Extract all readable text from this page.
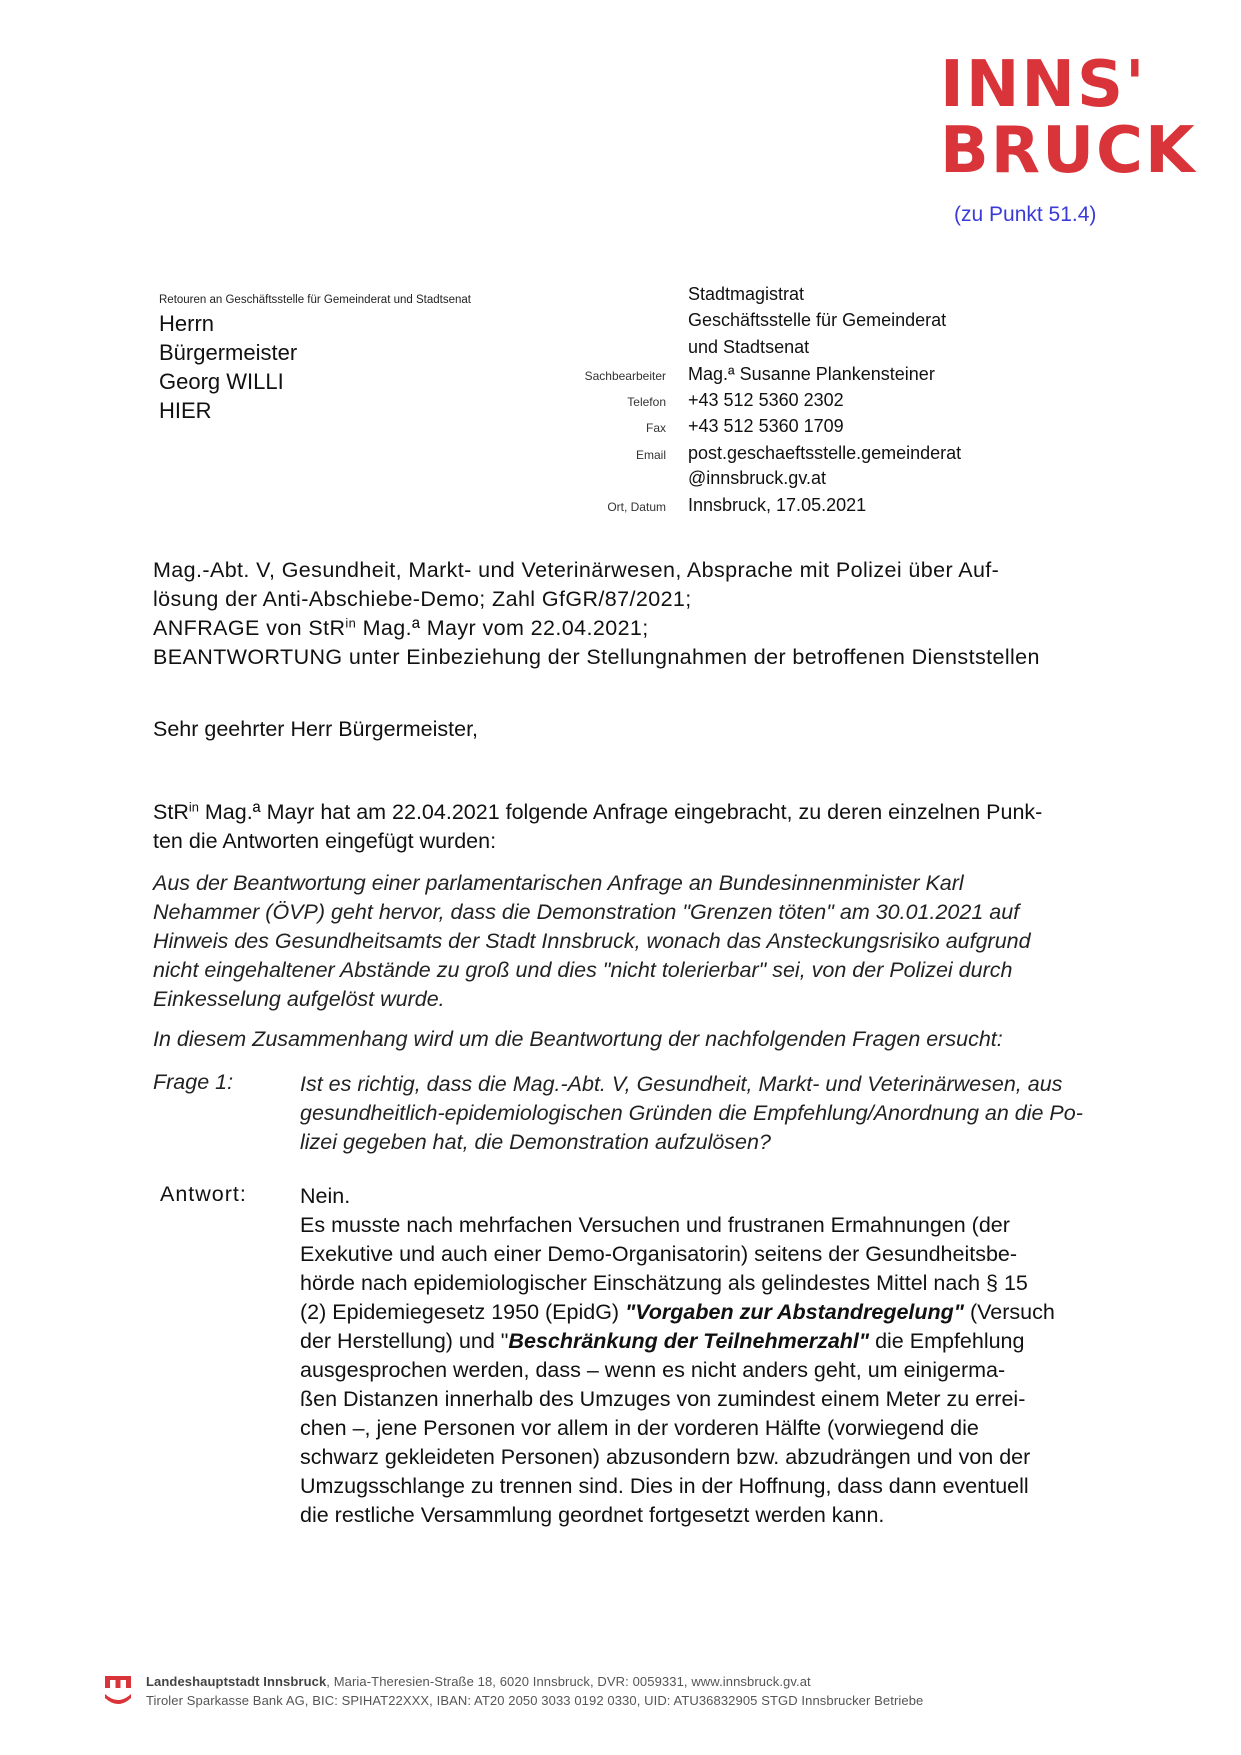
INNS'
BRUCK
(zu Punkt 51.4)
Retouren an Geschäftsstelle für Gemeinderat und Stadtsenat
Herrn
Bürgermeister
Georg WILLI
HIER
Stadtmagistrat
Geschäftsstelle für Gemeinderat
und Stadtsenat
Sachbearbeiter	Mag.ª Susanne Plankensteiner
Telefon	+43 512 5360 2302
Fax	+43 512 5360 1709
Email	post.geschaeftsstelle.gemeinderat
@innsbruck.gv.at
Ort, Datum	Innsbruck, 17.05.2021
Mag.-Abt. V, Gesundheit, Markt- und Veterinärwesen, Absprache mit Polizei über Auf-
lösung der Anti-Abschiebe-Demo; Zahl GfGR/87/2021;
ANFRAGE von StR$^{in}$ Mag.ª Mayr vom 22.04.2021;
BEANTWORTUNG unter Einbeziehung der Stellungnahmen der betroffenen Dienststellen
Sehr geehrter Herr Bürgermeister,
StR$^{in}$ Mag.ª Mayr hat am 22.04.2021 folgende Anfrage eingebracht, zu deren einzelnen Punk-
ten die Antworten eingefügt wurden:
Aus der Beantwortung einer parlamentarischen Anfrage an Bundesinnenminister Karl
Nehammer (ÖVP) geht hervor, dass die Demonstration "Grenzen töten" am 30.01.2021 auf
Hinweis des Gesundheitsamts der Stadt Innsbruck, wonach das Ansteckungsrisiko aufgrund
nicht eingehaltener Abstände zu groß und dies "nicht tolerierbar" sei, von der Polizei durch
Einkesselung aufgelöst wurde.
In diesem Zusammenhang wird um die Beantwortung der nachfolgenden Fragen ersucht:
Frage 1:	Ist es richtig, dass die Mag.-Abt. V, Gesundheit, Markt- und Veterinärwesen, aus
gesundheitlich-epidemiologischen Gründen die Empfehlung/Anordnung an die Po-
lizei gegeben hat, die Demonstration aufzulösen?
Antwort: Nein.
Es musste nach mehrfachen Versuchen und frustranen Ermahnungen (der
Exekutive und auch einer Demo-Organisatorin) seitens der Gesundheitsbe-
hörde nach epidemiologischer Einschätzung als gelindestes Mittel nach § 15
(2) Epidemiegesetz 1950 (EpidG) "Vorgaben zur Abstandregelung" (Versuch
der Herstellung) und "Beschränkung der Teilnehmerzahl" die Empfehlung
ausgesprochen werden, dass – wenn es nicht anders geht, um einigerma-
ßen Distanzen innerhalb des Umzuges von zumindest einem Meter zu errei-
chen –, jene Personen vor allem in der vorderen Hälfte (vorwiegend die
schwarz gekleideten Personen) abzusondern bzw. abzudrängen und von der
Umzugsschlange zu trennen sind. Dies in der Hoffnung, dass dann eventuell
die restliche Versammlung geordnet fortgesetzt werden kann.
Landeshauptstadt Innsbruck, Maria-Theresien-Straße 18, 6020 Innsbruck, DVR: 0059331, www.innsbruck.gv.at
Tiroler Sparkasse Bank AG, BIC: SPIHAT22XXX, IBAN: AT20 2050 3033 0192 0330, UID: ATU36832905 STGD Innsbrucker Betriebe
